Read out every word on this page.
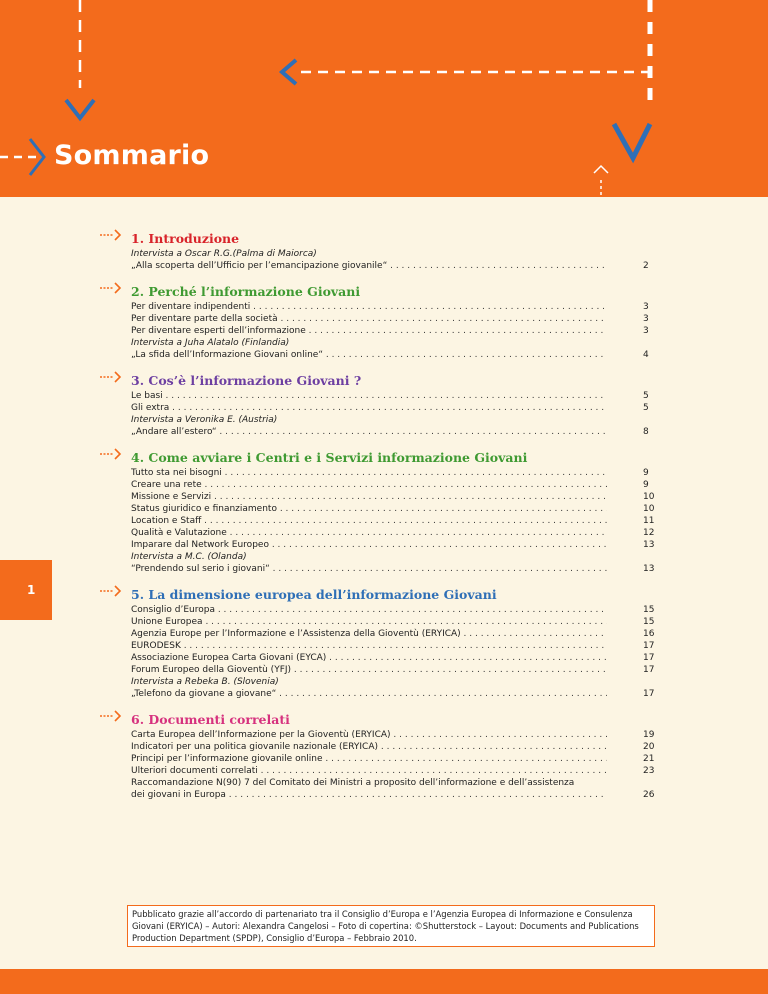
Sommario
1
1. Introduzione
Intervista a Oscar R.G.(Palma di Maiorca)
„Alla scoperta dell’Ufficio per l’emancipazione giovanile“ . . .	2
2. Perché l’informazione Giovani
Per diventare indipendenti . . .	3
Per diventare parte della società . . .	3
Per diventare esperti dell’informazione . . .	3
Intervista a Juha Alatalo (Finlandia)
„La sfida dell’Informazione Giovani online“ . . .	4
3. Cos’è l’informazione Giovani ?
Le basi . . .	5
Gli extra . . .	5
Intervista a Veronika E. (Austria)
„Andare all’estero“ . . .	8
4. Come avviare i Centri e i Servizi informazione Giovani
Tutto sta nei bisogni . . .	9
Creare una rete . . .	9
Missione e Servizi . . .	10
Status giuridico e finanziamento . . .	10
Location e Staff . . .	11
Qualità e Valutazione . . .	12
Imparare dal Network Europeo . . .	13
Intervista a M.C. (Olanda)
“Prendendo sul serio i giovani“ . . .	13
5. La dimensione europea dell’informazione Giovani
Consiglio d’Europa . . .	15
Unione Europea . . .	15
Agenzia Europe per l’Informazione e l’Assistenza della Gioventù (ERYICA) . . .	16
EURODESK . . .	17
Associazione Europea Carta Giovani (EYCA) . . .	17
Forum Europeo della Gioventù (YFJ) . . .	17
Intervista a Rebeka B. (Slovenia)
„Telefono da giovane a giovane“ . . .	17
6. Documenti correlati
Carta Europea dell’Informazione per la Gioventù (ERYICA) . . .	19
Indicatori per una politica giovanile nazionale (ERYICA) . . .	20
Principi per l’informazione giovanile online . . .	21
Ulteriori documenti correlati . . .	23
Raccomandazione N(90) 7 del Comitato dei Ministri a proposito dell’informazione e dell’assistenza
dei giovani in Europa . . .	26
Pubblicato grazie all’accordo di partenariato tra il Consiglio d’Europa e l’Agenzia Europea di Informazione e Consulenza Giovani (ERYICA) – Autori: Alexandra Cangelosi – Foto di copertina: ©Shutterstock – Layout: Documents and Publications Production Department (SPDP), Consiglio d’Europa – Febbraio 2010.
